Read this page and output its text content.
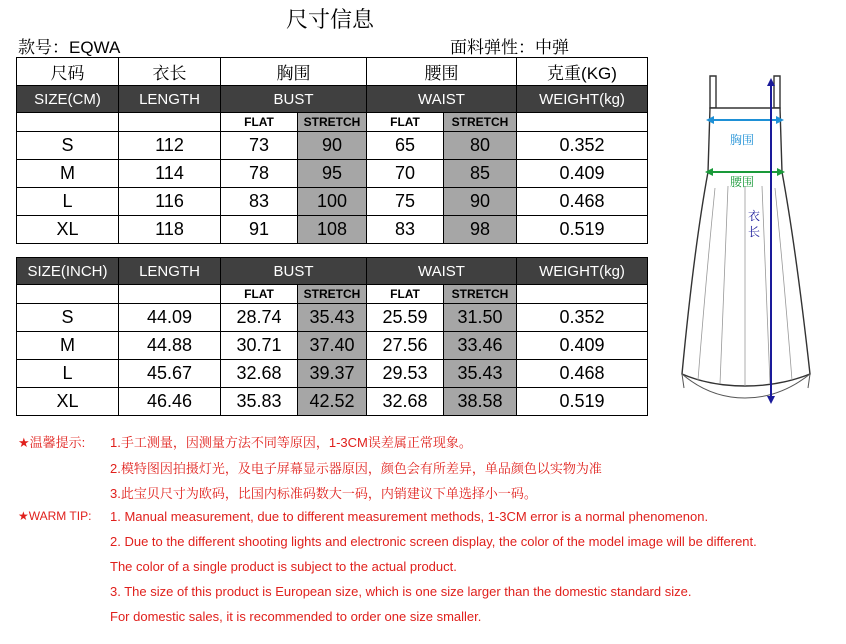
尺寸信息
款号：EQWA	面料弹性：中弹
尺码	衣长	胸围		腰围		克重(KG)
SIZE(CM)	LENGTH	BUST		WAIST		WEIGHT(kg)
		FLAT	STRETCH	FLAT	STRETCH	
S	112	73	90	65	80	0.352
M	114	78	95	70	85	0.409
L	116	83	100	75	90	0.468
XL	118	91	108	83	98	0.519
SIZE(INCH)	LENGTH	BUST		WAIST		WEIGHT(kg)
		FLAT	STRETCH	FLAT	STRETCH	
S	44.09	28.74	35.43	25.59	31.50	0.352
M	44.88	30.71	37.40	27.56	33.46	0.409
L	45.67	32.68	39.37	29.53	35.43	0.468
XL	46.46	35.83	42.52	32.68	38.58	0.519
胸围
腰围
衣
长
★温馨提示: 1.手工测量，因测量方法不同等原因，1-3CM误差属正常现象。
2.模特图因拍摄灯光，及电子屏幕显示器原因，颜色会有所差异，单品颜色以实物为准
3.此宝贝尺寸为欧码，比国内标准码数大一码，内销建议下单选择小一码。
★WARM TIP: 1. Manual measurement, due to different measurement methods, 1-3CM error is a normal phenomenon.
2. Due to the different shooting lights and electronic screen display, the color of the model image will be different.
The color of a single product is subject to the actual product.
3. The size of this product is European size, which is one size larger than the domestic standard size.
For domestic sales, it is recommended to order one size smaller.
